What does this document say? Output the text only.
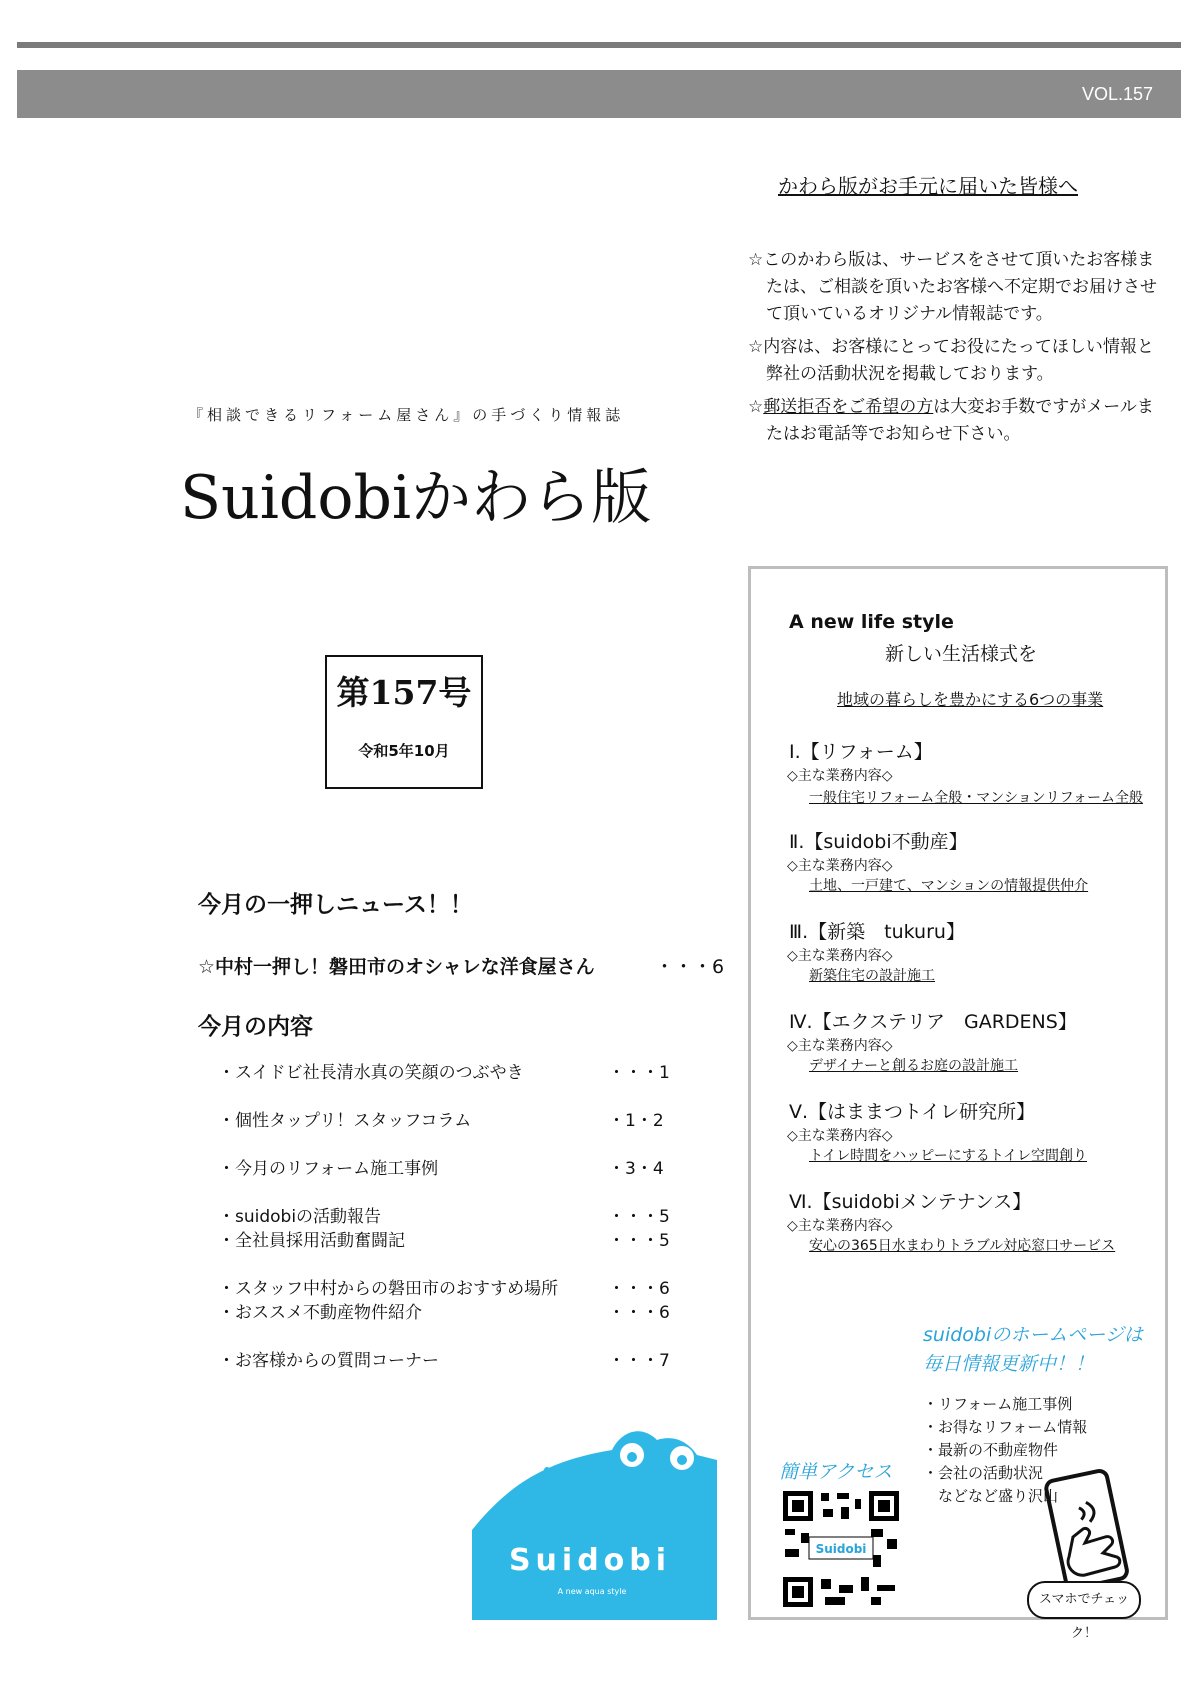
VOL.157
かわら版がお手元に届いた皆様へ

☆このかわら版は、サービスをさせて頂いたお客様または、ご相談を頂いたお客様へ不定期でお届けさせて頂いているオリジナル情報誌です。

☆内容は、お客様にとってお役にたってほしい情報と弊社の活動状況を掲載しております。

☆郵送拒否をご希望の方は大変お手数ですがメールまたはお電話等でお知らせ下さい。

『相談できるリフォーム屋さん』の手づくり情報誌
Suidobiかわら版
第157号
令和5年10月
今月の一押しニュース！！
☆中村一押し！磐田市のオシャレな洋食屋さん	・・・6
今月の内容
・スイドビ社長清水真の笑顔のつぶやき	・・・1
・個性タップリ！スタッフコラム	・1・2
・今月のリフォーム施工事例	・3・4
・suidobiの活動報告	・・・5
・全社員採用活動奮闘記	・・・5
・スタッフ中村からの磐田市のおすすめ場所	・・・6
・おススメ不動産物件紹介	・・・6
・お客様からの質問コーナー	・・・7
Suidobi
A new aqua style
A new life style
新しい生活様式を
地域の暮らしを豊かにする6つの事業
Ⅰ.【リフォーム】
◇主な業務内容◇
一般住宅リフォーム全般・マンションリフォーム全般
Ⅱ.【suidobi不動産】
◇主な業務内容◇
土地、一戸建て、マンションの情報提供仲介
Ⅲ.【新築　tukuru】
◇主な業務内容◇
新築住宅の設計施工
Ⅳ.【エクステリア　GARDENS】
◇主な業務内容◇
デザイナーと創るお庭の設計施工
Ⅴ.【はままつトイレ研究所】
◇主な業務内容◇
トイレ時間をハッピーにするトイレ空間創り
Ⅵ.【suidobiメンテナンス】
◇主な業務内容◇
安心の365日水まわりトラブル対応窓口サービス
suidobiのホームページは
毎日情報更新中！！
・リフォーム施工事例
・お得なリフォーム情報
・最新の不動産物件
・会社の活動状況
　などなど盛り沢山
簡単アクセス
Suidobi
スマホでチェック！
